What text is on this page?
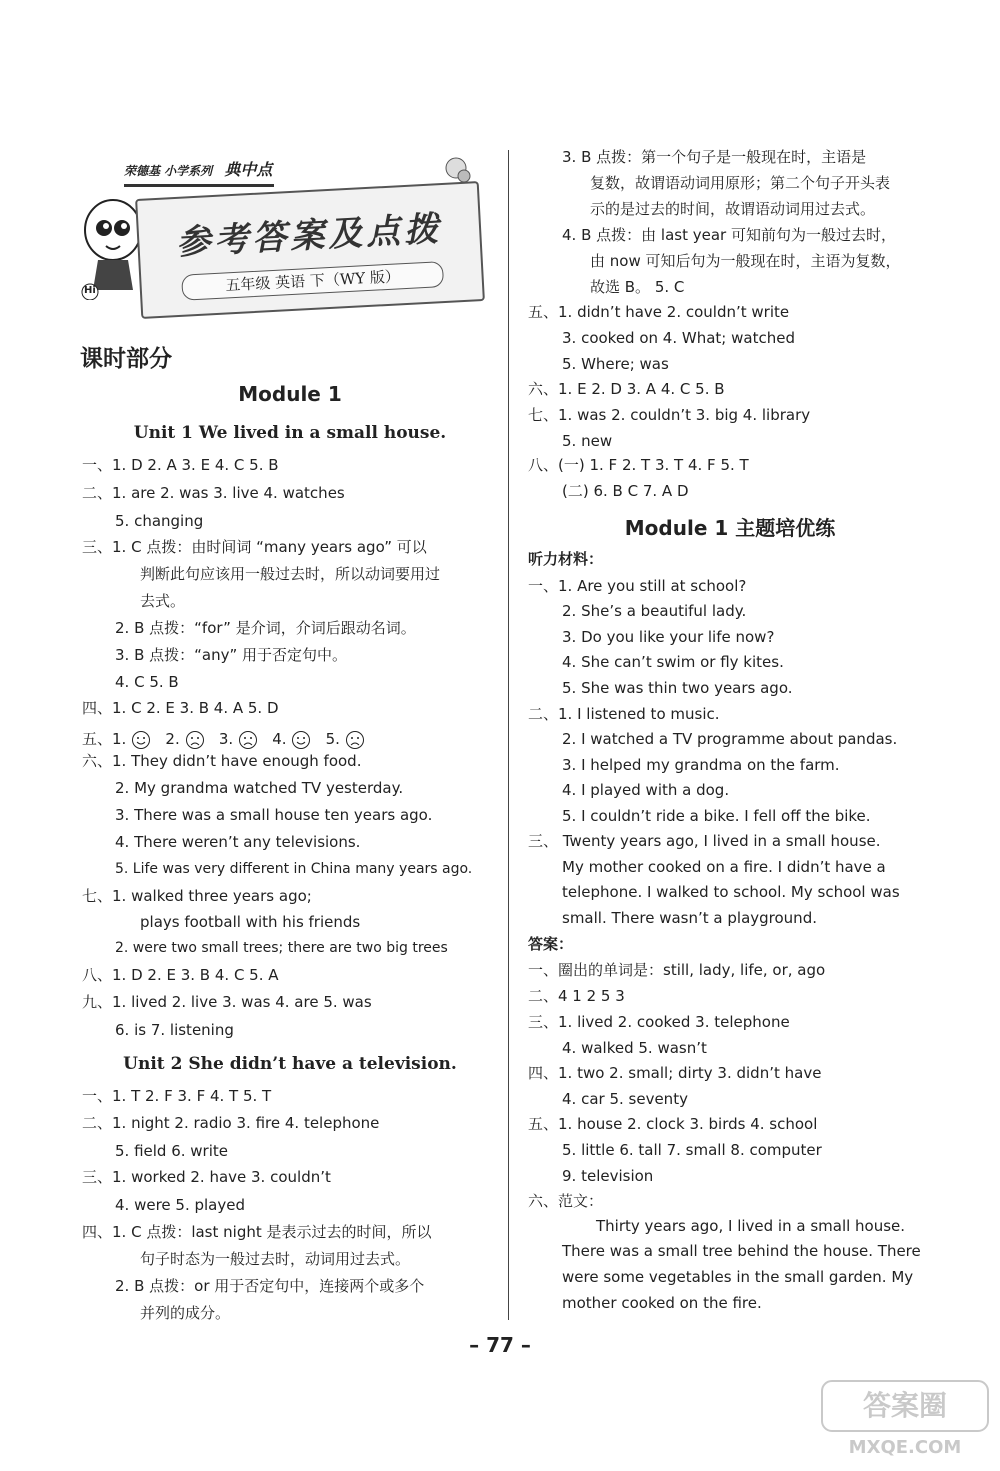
Hi
荣德基 小学系列 典中点
参考答案及点拨
五年级 英语 下（WY 版）
课时部分
Module 1
Unit 1 We lived in a small house.
一、1. D 2. A 3. E 4. C 5. B
二、1. are 2. was 3. live 4. watches
5. changing
三、1. C 点拨：由时间词 “many years ago” 可以
判断此句应该用一般过去时，所以动词要用过
去式。
2. B 点拨：“for” 是介词，介词后跟动名词。
3. B 点拨：“any” 用于否定句中。
4. C 5. B
四、1. C 2. E 3. B 4. A 5. D
五、1.	2.	3.	4.	5.
六、1. They didn’t have enough food.
2. My grandma watched TV yesterday.
3. There was a small house ten years ago.
4. There weren’t any televisions.
5. Life was very different in China many years ago.
七、1. walked three years ago;
plays football with his friends
2. were two small trees; there are two big trees
八、1. D 2. E 3. B 4. C 5. A
九、1. lived 2. live 3. was 4. are 5. was
6. is 7. listening
Unit 2 She didn’t have a television.
一、1. T 2. F 3. F 4. T 5. T
二、1. night 2. radio 3. fire 4. telephone
5. field 6. write
三、1. worked 2. have 3. couldn’t
4. were 5. played
四、1. C 点拨：last night 是表示过去的时间，所以
句子时态为一般过去时，动词用过去式。
2. B 点拨：or 用于否定句中，连接两个或多个
并列的成分。
3. B 点拨：第一个句子是一般现在时，主语是
复数，故谓语动词用原形；第二个句子开头表
示的是过去的时间，故谓语动词用过去式。
4. B 点拨：由 last year 可知前句为一般过去时，
由 now 可知后句为一般现在时，主语为复数，
故选 B。 5. C
五、1. didn’t have 2. couldn’t write
3. cooked on 4. What; watched
5. Where; was
六、1. E 2. D 3. A 4. C 5. B
七、1. was 2. couldn’t 3. big 4. library
5. new
八、(一) 1. F 2. T 3. T 4. F 5. T
(二) 6. B C 7. A D
Module 1 主题培优练
听力材料：
一、1. Are you still at school?
2. She’s a beautiful lady.
3. Do you like your life now?
4. She can’t swim or fly kites.
5. She was thin two years ago.
二、1. I listened to music.
2. I watched a TV programme about pandas.
3. I helped my grandma on the farm.
4. I played with a dog.
5. I couldn’t ride a bike. I fell off the bike.
三、 Twenty years ago, I lived in a small house.
My mother cooked on a fire. I didn’t have a
telephone. I walked to school. My school was
small. There wasn’t a playground.
答案：
一、圈出的单词是：still, lady, life, or, ago
二、4 1 2 5 3
三、1. lived 2. cooked 3. telephone
4. walked 5. wasn’t
四、1. two 2. small; dirty 3. didn’t have
4. car 5. seventy
五、1. house 2. clock 3. birds 4. school
5. little 6. tall 7. small 8. computer
9. television
六、范文：
Thirty years ago, I lived in a small house.
There was a small tree behind the house. There
were some vegetables in the small garden. My
mother cooked on the fire.
– 77 –
答案圈
MXQE.COM
